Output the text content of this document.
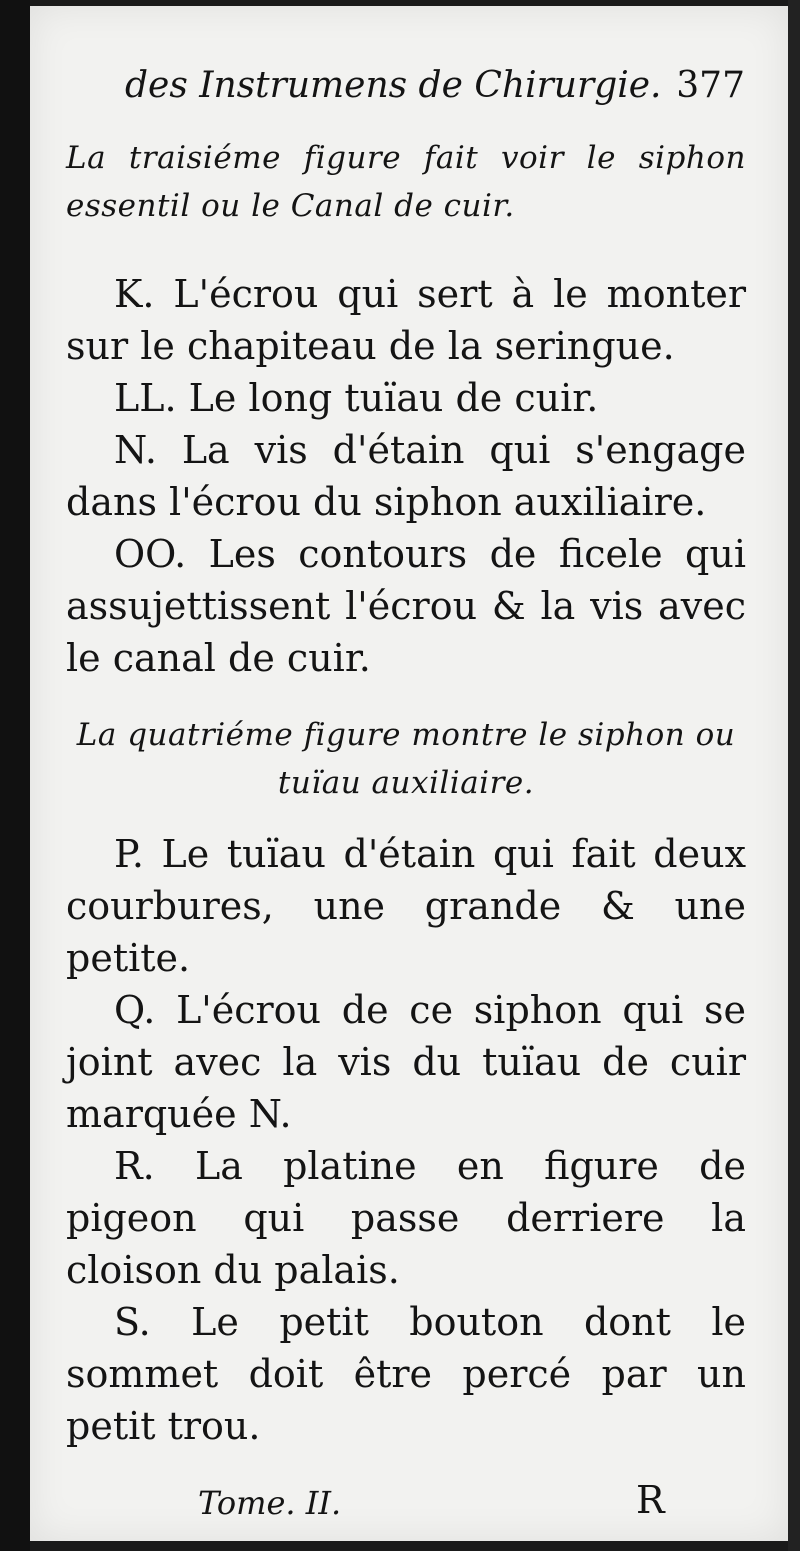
des Instrumens de Chirurgie. 377
La traisiéme figure fait voir le siphon essentil ou le Canal de cuir.

K. L'écrou qui sert à le monter sur le chapiteau de la seringue.

LL. Le long tuïau de cuir.

N. La vis d'étain qui s'engage dans l'écrou du siphon auxiliaire.

OO. Les contours de ficele qui assujettissent l'écrou & la vis avec le canal de cuir.

La quatriéme figure montre le siphon ou tuïau auxiliaire.

P. Le tuïau d'étain qui fait deux courbures, une grande & une petite.

Q. L'écrou de ce siphon qui se joint avec la vis du tuïau de cuir marquée N.

R. La platine en figure de pigeon qui passe derriere la cloison du palais.

S. Le petit bouton dont le sommet doit être percé par un petit trou.

Tome. II.	R
